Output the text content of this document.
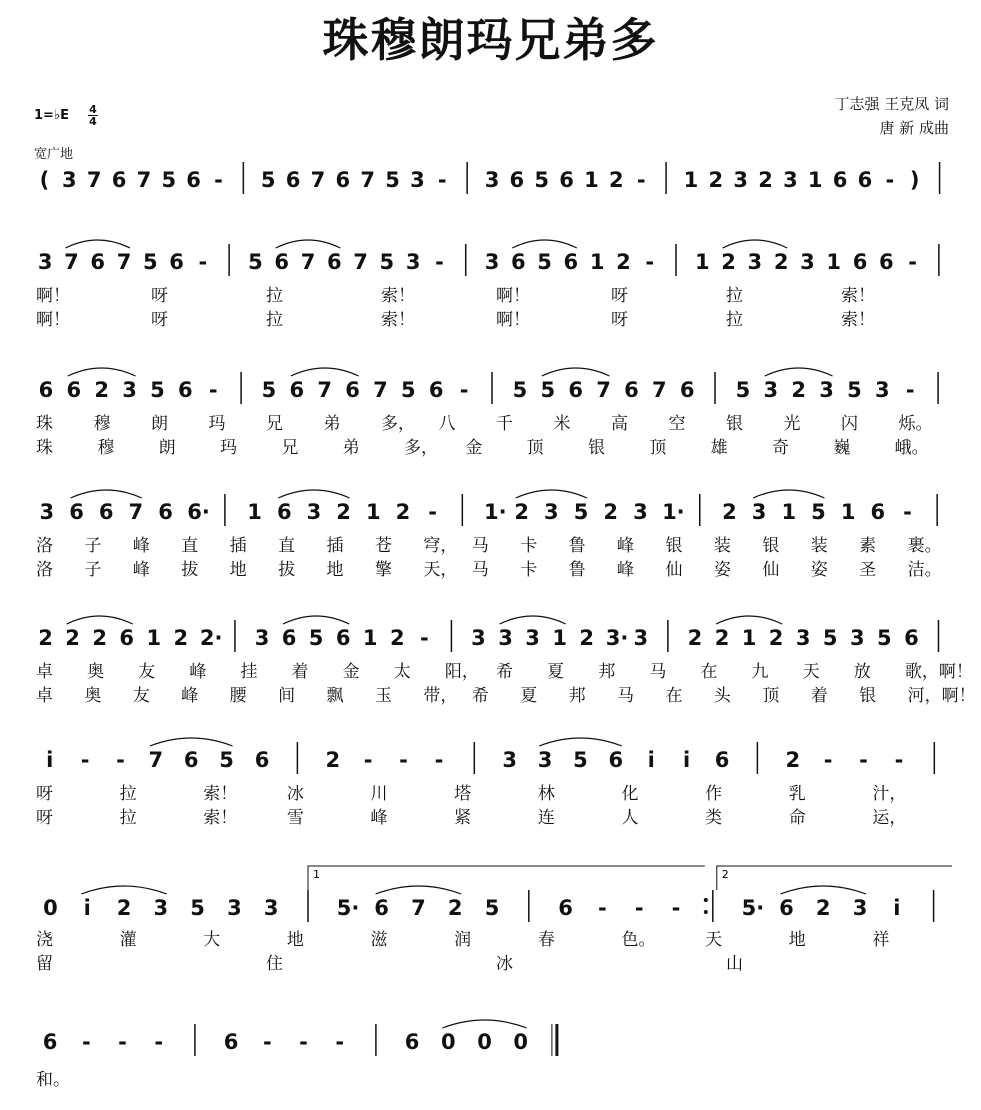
珠穆朗玛兄弟多
1=♭E 4
4
宽广地
丁志强 王克凤 词
唐 新 成曲
( 3 7 6 7 5 6 - 5 6 7 6 7 5 3 - 3 6 5 6 1 2 - 1 2 3 2 3 1 6 6 - )
3 7 6 7 5 6 - 5 6 7 6 7 5 3 - 3 6 5 6 1 2 - 1 2 3 2 3 1 6 6 -
啊！	呀	拉	索！	啊！	呀	拉	索！
啊！	呀	拉	索！	啊！	呀	拉	索！
6 6 2 3 5 6 - 5 6 7 6 7 5 6 - 5 5 6 7 6 7 6 5 3 2 3 5 3 -
珠 穆 朗 玛 兄 弟 多， 八 千 米 高 空 银 光 闪 烁。
珠	穆	朗	玛	兄	弟	多， 金	顶	银	顶	雄	奇	巍	峨。
3 6 6 7 6 6· 1 6 3 2 1 2 - 1· 2 3 5 2 3 1· 2 3 1 5 1 6 -
洛 子 峰 直 插 直 插 苍 穹， 马 卡 鲁 峰 银 装 银 装 素 裹。
洛 子 峰 拔 地 拔 地 擎 天， 马 卡 鲁 峰 仙 姿 仙 姿 圣 洁。
2 2 2 6 1 2 2· 3 6 5 6 1 2 - 3 3 3 1 2 3· 3 2 2 1 2 3 5 3 5 6
卓 奥 友 峰 挂 着 金 太 阳， 希 夏 邦 马 在 九 天 放 歌，啊！
卓 奥 友 峰 腰 间 飘 玉 带， 希 夏 邦 马 在 头 顶 着 银 河，啊！
i - - 7 6 5 6	2 - - -	3 3 5 6 i i 6	2 - - -
呀	拉	索！	冰	川	塔	林	化	作	乳	汁，
呀	拉	索！	雪	峰	紧	连	人	类	命	运，
1	2
0 i 2 3 5 3 3	5· 6 7 2 5	6 - - -	5· 6 2 3 i
浇	灌	大	地	滋	润	春	色。	天	地	祥
留	住	冰	山
6 - - -	6 - - -	6 0 0 0
和。
